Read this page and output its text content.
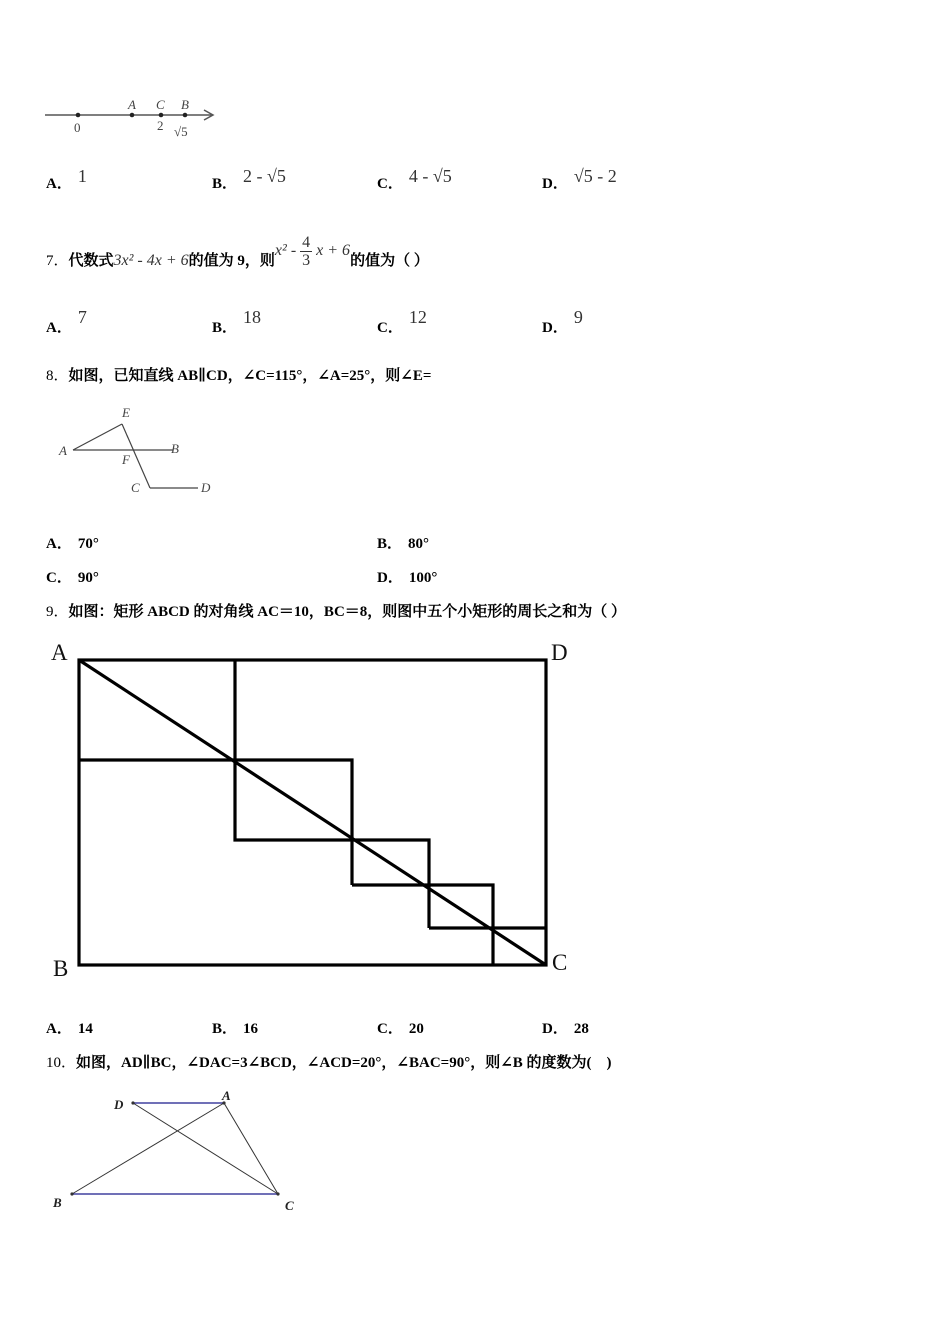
A C B
0	2 √5
A． 1	B． 2 - √5	C． 4 - √5	D． √5 - 2
7．代数式3x² - 4x + 6的值为 9，则$x^2 - \frac{4}{3}$ x + 6的值为（ ）
A．7
B．18
C．12
D．9
8．如图，已知直线 AB∥CD，∠C=115°，∠A=25°，则∠E=
A	B
E
F
C	D
A． 70°	B． 80°
C． 90°	D． 100°
9．如图：矩形 ABCD 的对角线 AC＝10，BC＝8，则图中五个小矩形的周长之和为（ ）
A	D
B	C
A． 14	B． 16	C． 20	D． 28
10．如图，AD∥BC，∠DAC=3∠BCD，∠ACD=20°，∠BAC=90°，则∠B 的度数为(　)
D
A
B	C
